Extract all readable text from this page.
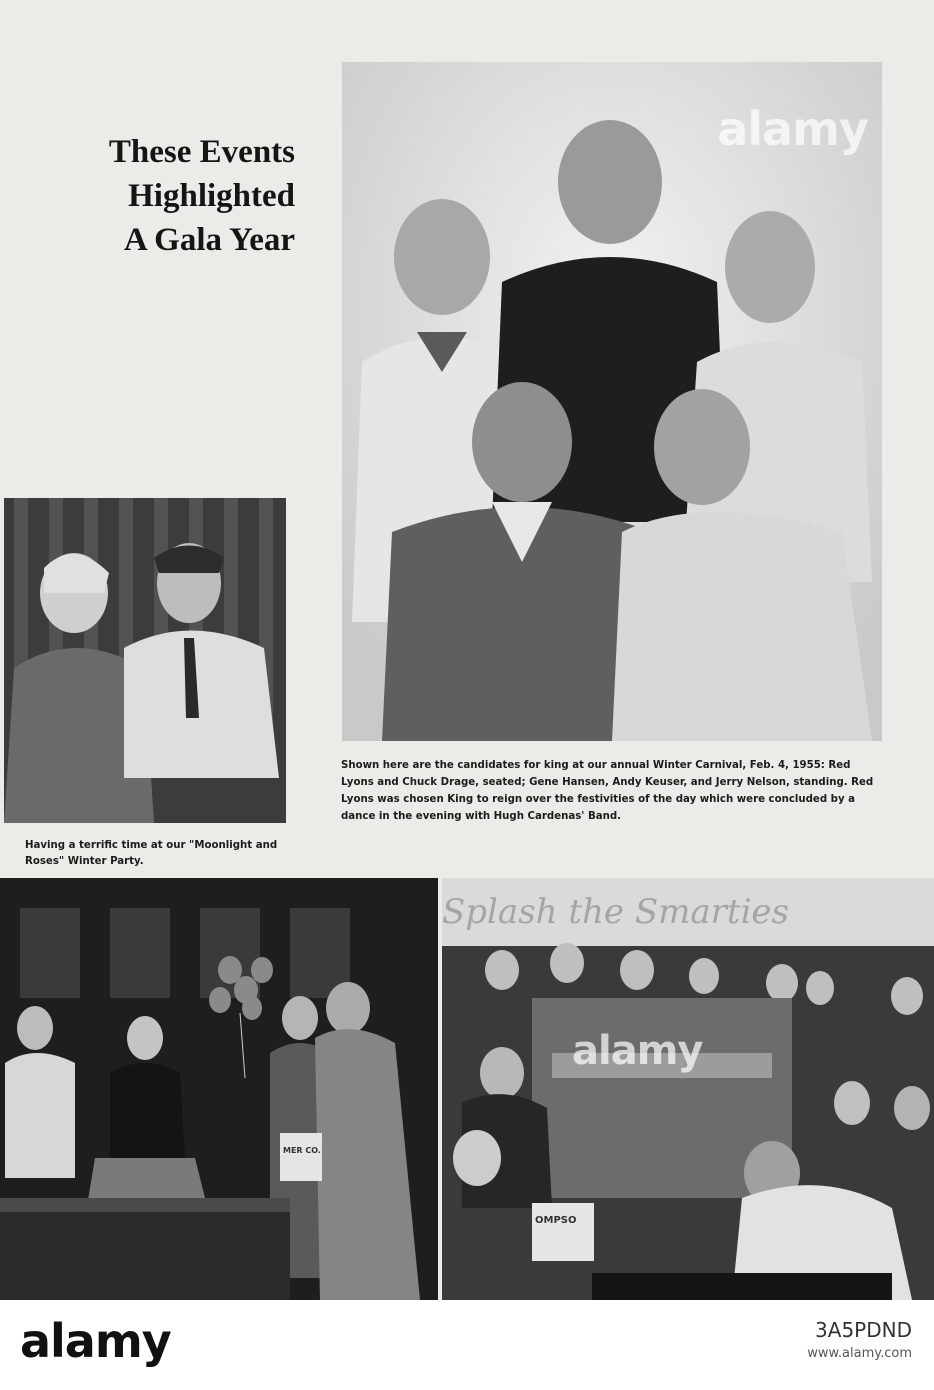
These Events
Highlighted
A Gala Year
alamy
Shown here are the candidates for king at our annual Winter Carnival, Feb. 4, 1955: Red Lyons and Chuck Drage, seated; Gene Hansen, Andy Keuser, and Jerry Nelson, standing. Red Lyons was chosen King to reign over the festivities of the day which were concluded by a dance in the evening with Hugh Cardenas' Band.
Having a terrific time at our "Moonlight and Roses" Winter Party.
MER CO.
Splash the Smarties
OMPSO
alamy
alamy	3A5PDND
www.alamy.com
